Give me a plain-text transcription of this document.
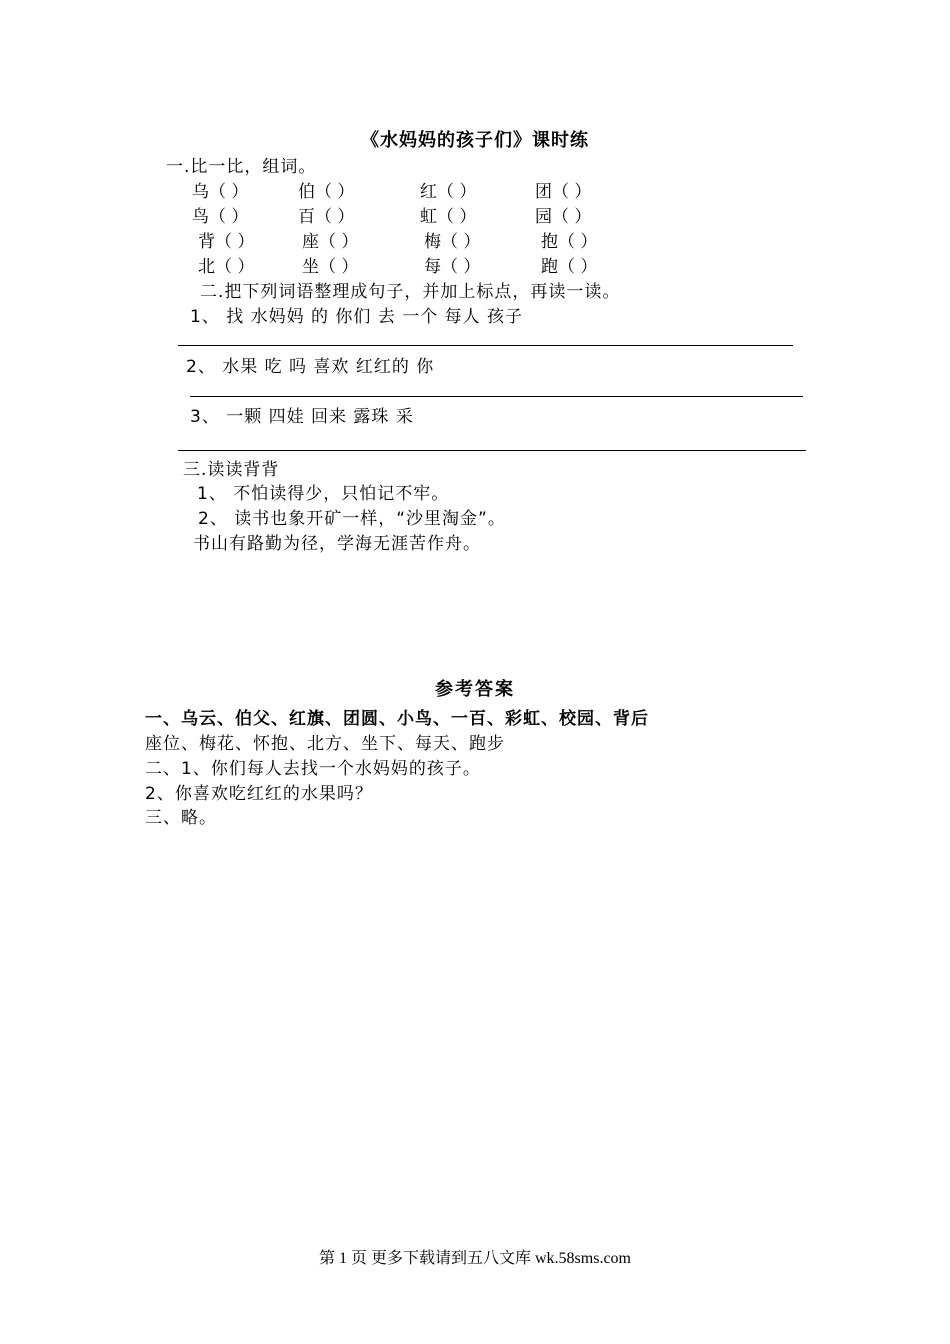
《水妈妈的孩子们》课时练
一.比一比，组词。
乌（ ）	伯（ ）	红（ ）	团（ ）
鸟（ ）	百（ ）	虹（ ）	园（ ）
背（ ）	座（ ）	梅（ ）	抱（ ）
北（ ）	坐（ ）	每（ ）	跑（ ）
二.把下列词语整理成句子，并加上标点，再读一读。
1、 找 水妈妈 的 你们 去 一个 每人 孩子
2、 水果 吃 吗 喜欢 红红的 你
3、 一颗 四娃 回来 露珠 采
三.读读背背
1、 不怕读得少，只怕记不牢。
2、 读书也象开矿一样，“沙里淘金”。
书山有路勤为径，学海无涯苦作舟。
参考答案
一、乌云、伯父、红旗、团圆、小鸟、一百、彩虹、校园、背后
座位、梅花、怀抱、北方、坐下、每天、跑步
二、1、你们每人去找一个水妈妈的孩子。
2、你喜欢吃红红的水果吗？
三、略。
第 1 页 更多下载请到五八文库 wk.58sms.com
